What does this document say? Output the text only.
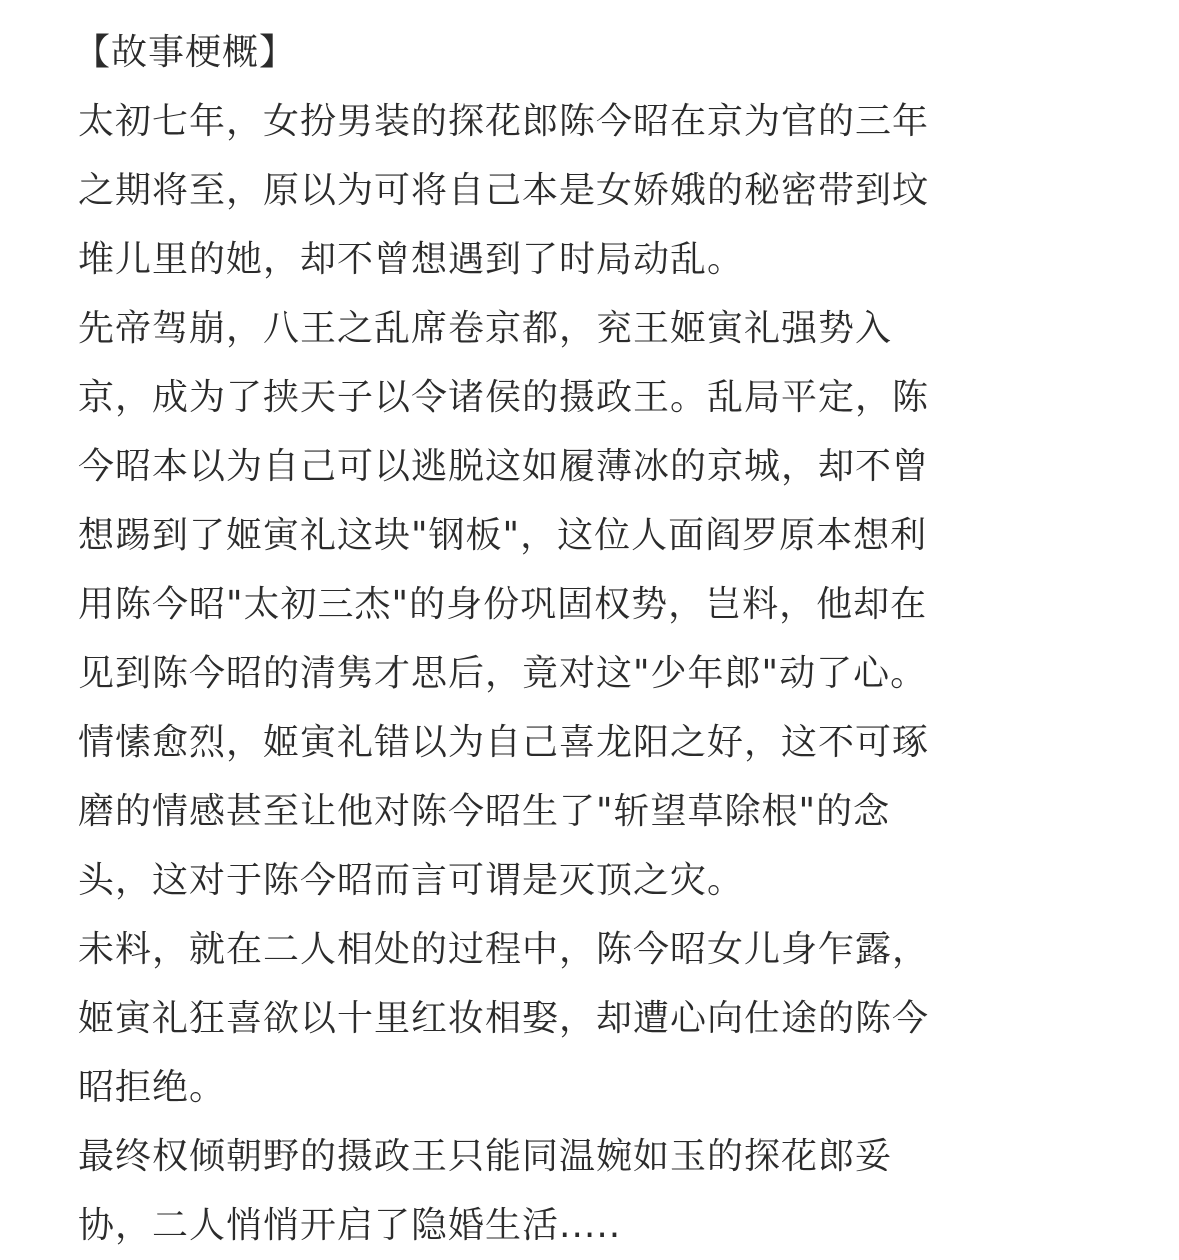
【故事梗概】
太初七年，女扮男装的探花郎陈今昭在京为官的三年
之期将至，原以为可将自己本是女娇娥的秘密带到坟
堆儿里的她，却不曾想遇到了时局动乱。
先帝驾崩，八王之乱席卷京都，兖王姬寅礼强势入
京，成为了挟天子以令诸侯的摄政王。乱局平定，陈
今昭本以为自己可以逃脱这如履薄冰的京城，却不曾
想踢到了姬寅礼这块"钢板"，这位人面阎罗原本想利
用陈今昭"太初三杰"的身份巩固权势，岂料，他却在
见到陈今昭的清隽才思后，竟对这"少年郎"动了心。
情愫愈烈，姬寅礼错以为自己喜龙阳之好，这不可琢
磨的情感甚至让他对陈今昭生了"斩望草除根"的念
头，这对于陈今昭而言可谓是灭顶之灾。
未料，就在二人相处的过程中，陈今昭女儿身乍露，
姬寅礼狂喜欲以十里红妆相娶，却遭心向仕途的陈今
昭拒绝。
最终权倾朝野的摄政王只能同温婉如玉的探花郎妥
协，二人悄悄开启了隐婚生活.....	⠀⠀⠀⠀⠀⠀
